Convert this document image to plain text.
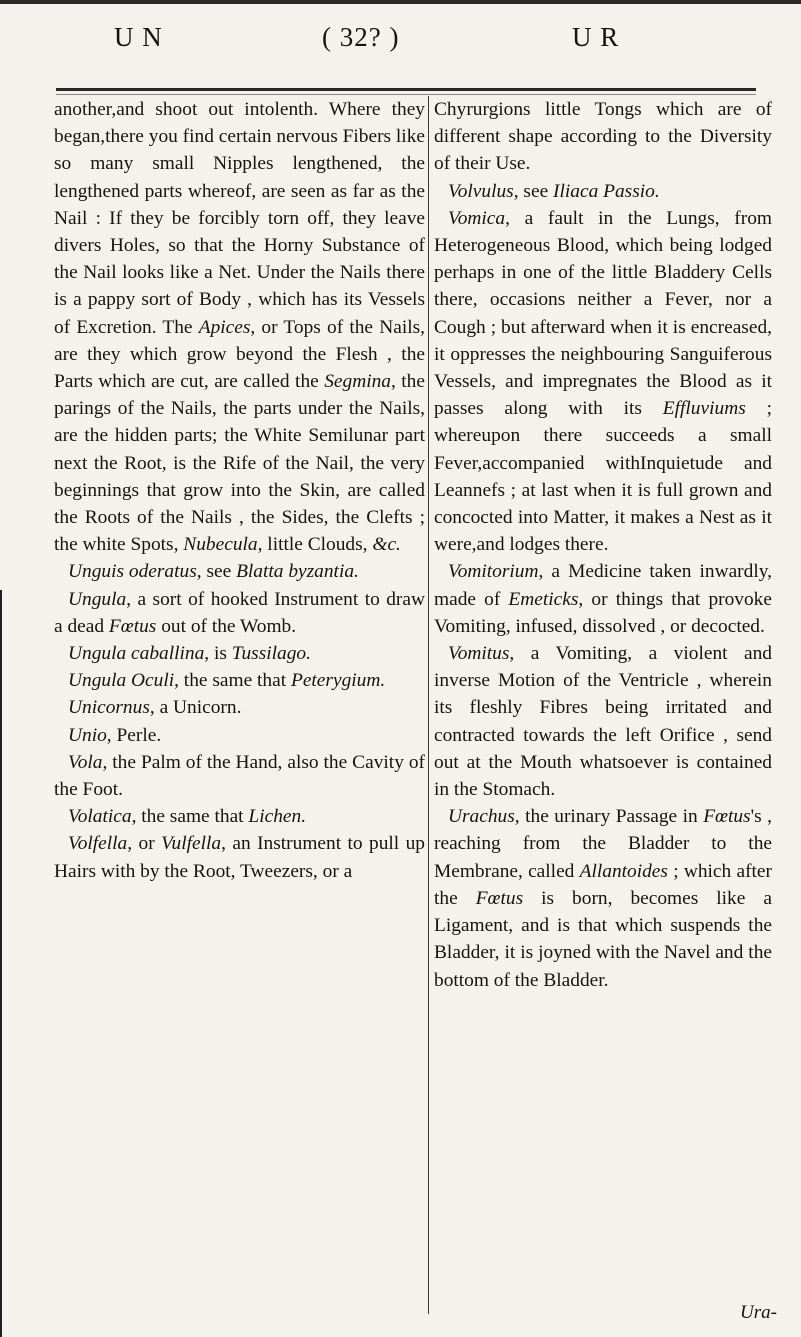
U N	( 32? )	U R

another,and shoot out intolenth. Where they began,there you find certain nervous Fibers like so many small Nipples lengthened, the lengthened parts whereof, are seen as far as the Nail : If they be forcibly torn off, they leave divers Holes, so that the Horny Substance of the Nail looks like a Net. Under the Nails there is a pappy sort of Body , which has its Vessels of Excretion. The Apices, or Tops of the Nails, are they which grow beyond the Flesh , the Parts which are cut, are called the Segmina, the parings of the Nails, the parts under the Nails, are the hidden parts; the White Semilunar part next the Root, is the Rife of the Nail, the very beginnings that grow into the Skin, are called the Roots of the Nails , the Sides, the Clefts ; the white Spots, Nubecula, little Clouds, &c.

Unguis oderatus, see Blatta byzantia.

Ungula, a sort of hooked Instrument to draw a dead Fœtus out of the Womb.

Ungula caballina, is Tussilago.

Ungula Oculi, the same that Peterygium.

Unicornus, a Unicorn.

Unio, Perle.

Vola, the Palm of the Hand, also the Cavity of the Foot.

Volatica, the same that Lichen.

Volfella, or Vulfella, an Instrument to pull up Hairs with by the Root, Tweezers, or a

Chyrurgions little Tongs which are of different shape according to the Diversity of their Use.

Volvulus, see Iliaca Passio.

Vomica, a fault in the Lungs, from Heterogeneous Blood, which being lodged perhaps in one of the little Bladdery Cells there, occasions neither a Fever, nor a Cough ; but afterward when it is encreased, it oppresses the neighbouring Sanguiferous Vessels, and impregnates the Blood as it passes along with its Effluviums ; whereupon there succeeds a small Fever,accompanied withInquietude and Leannefs ; at last when it is full grown and concocted into Matter, it makes a Nest as it were,and lodges there.

Vomitorium, a Medicine taken inwardly, made of Emeticks, or things that provoke Vomiting, infused, dissolved , or decocted.

Vomitus, a Vomiting, a violent and inverse Motion of the Ventricle , wherein its fleshly Fibres being irritated and contracted towards the left Orifice , send out at the Mouth whatsoever is contained in the Stomach.

Urachus, the urinary Passage in Fœtus's , reaching from the Bladder to the Membrane, called Allantoides ; which after the Fœtus is born, becomes like a Ligament, and is that which suspends the Bladder, it is joyned with the Navel and the bottom of the Bladder.

Ura-
